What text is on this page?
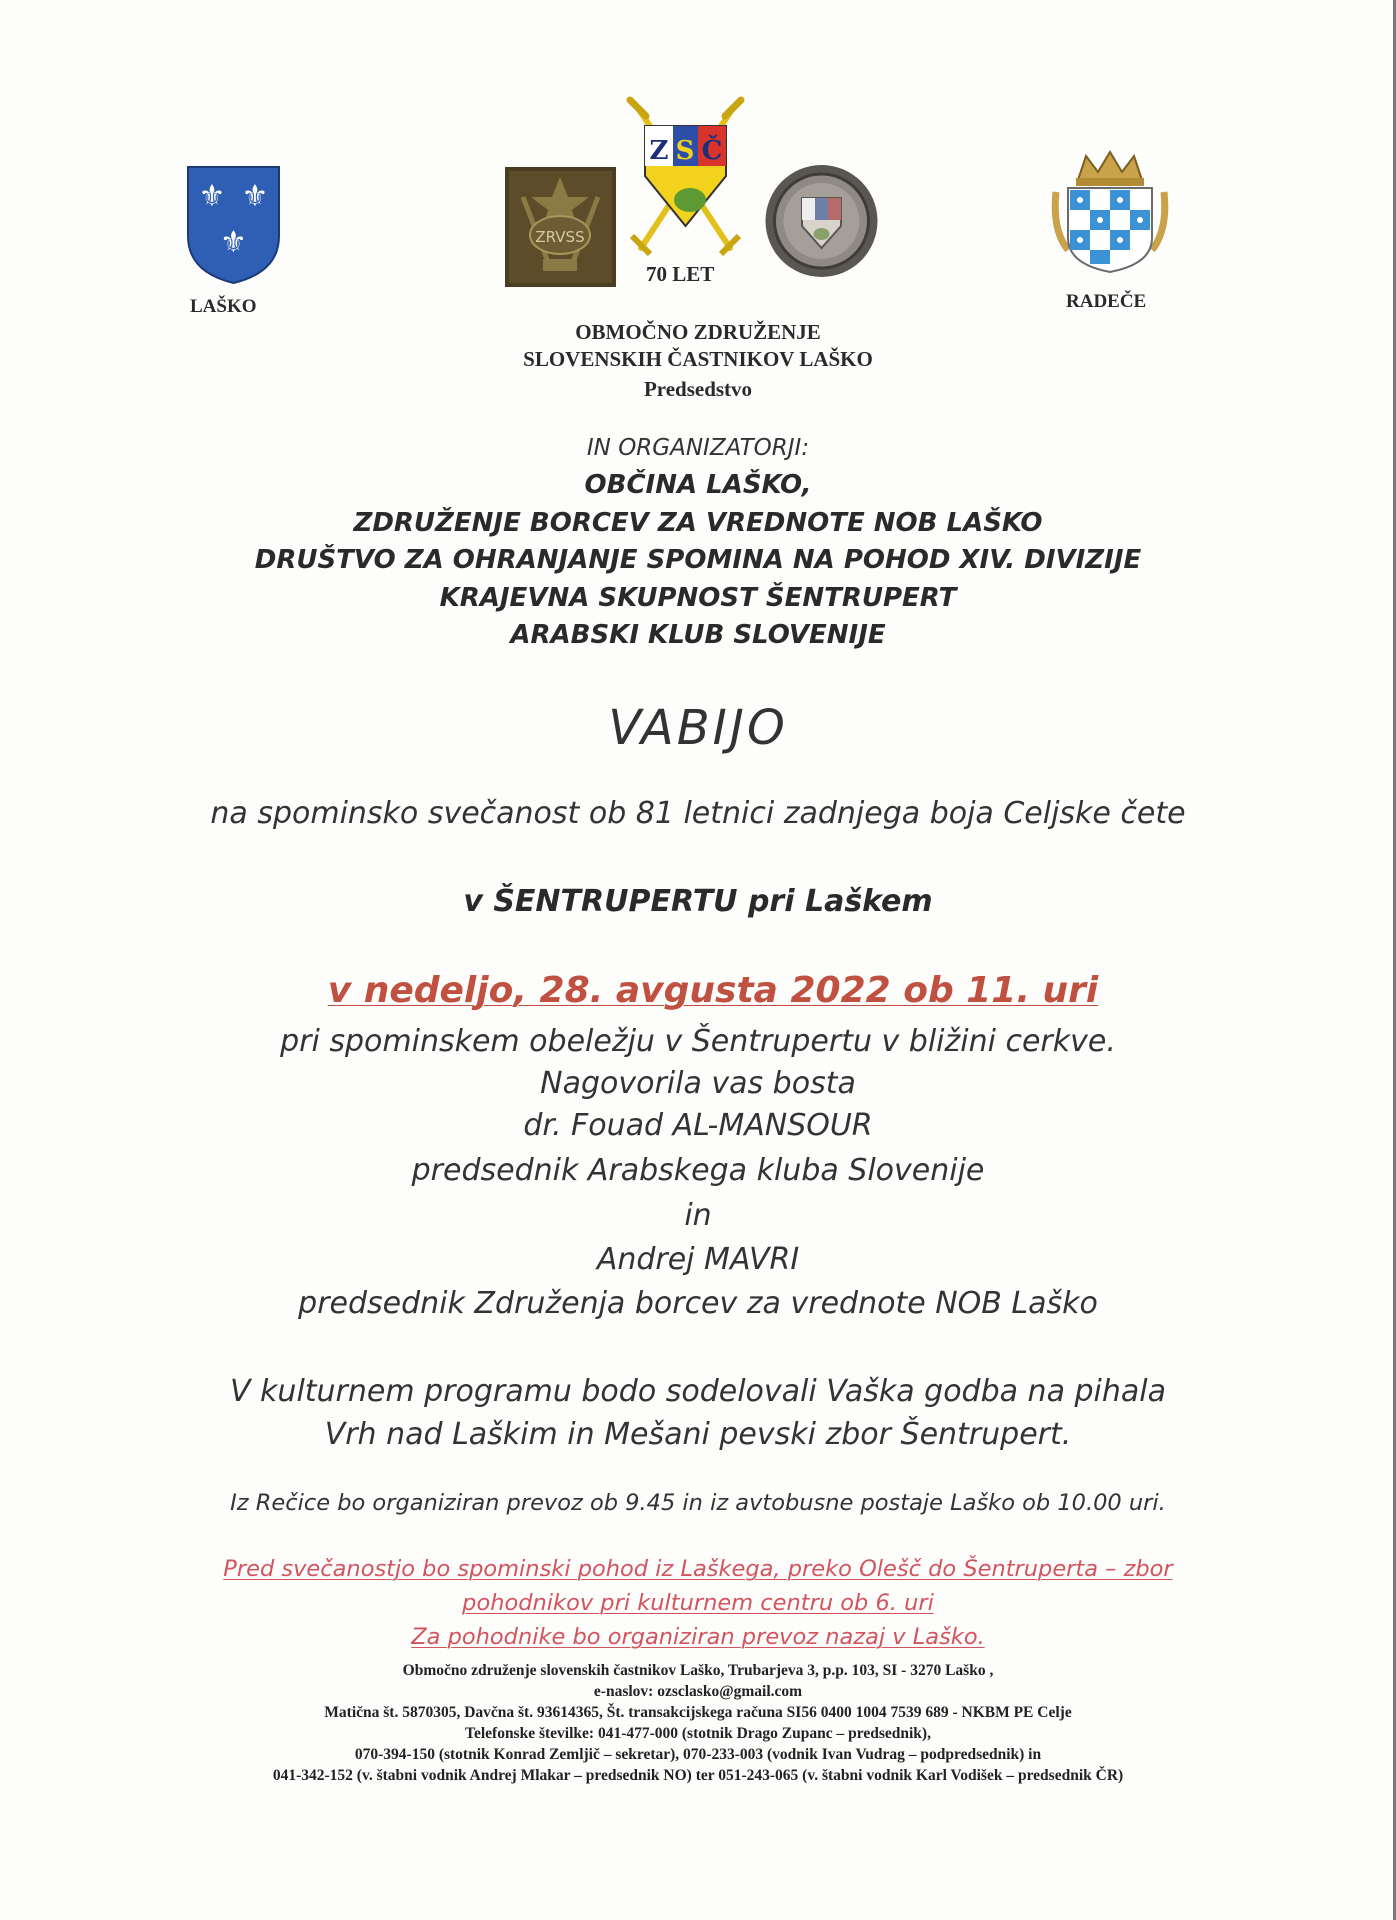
⚜ ⚜
⚜
LAŠKO
ZRVSS
Z S Č
70 LET
RADEČE
OBMOČNO ZDRUŽENJE
SLOVENSKIH ČASTNIKOV LAŠKO
Predsedstvo
IN ORGANIZATORJI:
OBČINA LAŠKO,
ZDRUŽENJE BORCEV ZA VREDNOTE NOB LAŠKO
DRUŠTVO ZA OHRANJANJE SPOMINA NA POHOD XIV. DIVIZIJE
KRAJEVNA SKUPNOST ŠENTRUPERT
ARABSKI KLUB SLOVENIJE
VABIJO
na spominsko svečanost ob 81 letnici zadnjega boja Celjske čete
v ŠENTRUPERTU pri Laškem
v nedeljo, 28. avgusta 2022 ob 11. uri
pri spominskem obeležju v Šentrupertu v bližini cerkve.
Nagovorila vas bosta
dr. Fouad AL-MANSOUR
predsednik Arabskega kluba Slovenije
in
Andrej MAVRI
predsednik Združenja borcev za vrednote NOB Laško
V kulturnem programu bodo sodelovali Vaška godba na pihala
Vrh nad Laškim in Mešani pevski zbor Šentrupert.
Iz Rečice bo organiziran prevoz ob 9.45 in iz avtobusne postaje Laško ob 10.00 uri.
Pred svečanostjo bo spominski pohod iz Laškega, preko Olešč do Šentruperta – zbor
pohodnikov pri kulturnem centru ob 6. uri
Za pohodnike bo organiziran prevoz nazaj v Laško.
Območno združenje slovenskih častnikov Laško, Trubarjeva 3, p.p. 103, SI - 3270 Laško ,
e-naslov: ozsclasko@gmail.com
Matična št. 5870305, Davčna št. 93614365, Št. transakcijskega računa SI56 0400 1004 7539 689 - NKBM PE Celje
Telefonske številke: 041-477-000 (stotnik Drago Zupanc – predsednik),
070-394-150 (stotnik Konrad Zemljič – sekretar), 070-233-003 (vodnik Ivan Vudrag – podpredsednik) in
041-342-152 (v. štabni vodnik Andrej Mlakar – predsednik NO) ter 051-243-065 (v. štabni vodnik Karl Vodišek – predsednik ČR)
